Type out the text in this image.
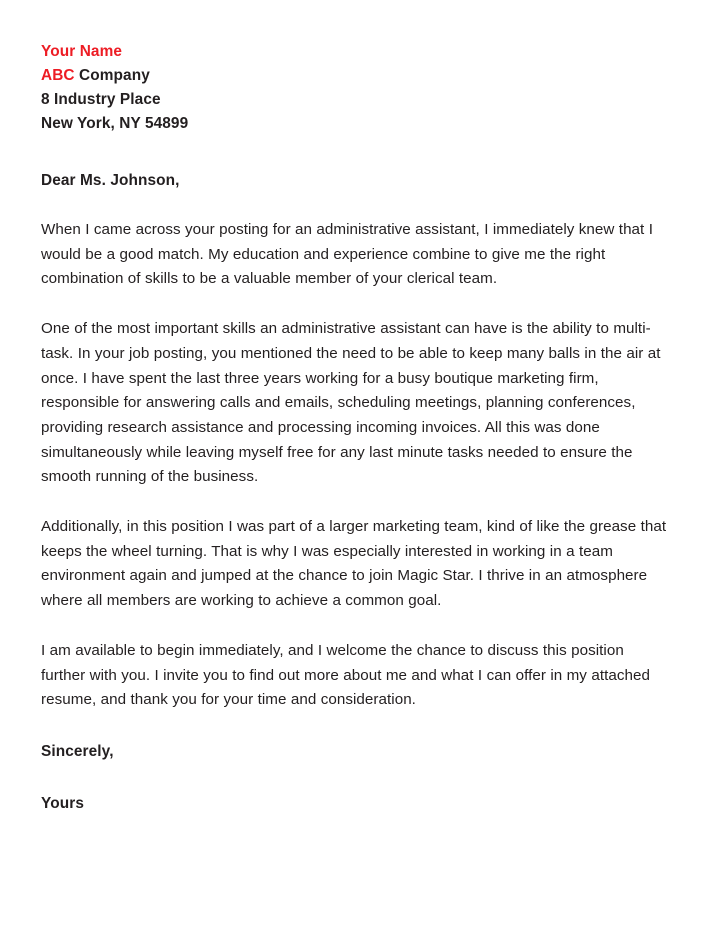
Your Name
ABC Company
8 Industry Place
New York, NY 54899
Dear Ms. Johnson,

When I came across your posting for an administrative assistant, I immediately knew that I would be a good match. My education and experience combine to give me the right combination of skills to be a valuable member of your clerical team.

One of the most important skills an administrative assistant can have is the ability to multi-task. In your job posting, you mentioned the need to be able to keep many balls in the air at once. I have spent the last three years working for a busy boutique marketing firm, responsible for answering calls and emails, scheduling meetings, planning conferences, providing research assistance and processing incoming invoices. All this was done simultaneously while leaving myself free for any last minute tasks needed to ensure the smooth running of the business.

Additionally, in this position I was part of a larger marketing team, kind of like the grease that keeps the wheel turning. That is why I was especially interested in working in a team environment again and jumped at the chance to join Magic Star. I thrive in an atmosphere where all members are working to achieve a common goal.

I am available to begin immediately, and I welcome the chance to discuss this position further with you. I invite you to find out more about me and what I can offer in my attached resume, and thank you for your time and consideration.

Sincerely,
Yours
